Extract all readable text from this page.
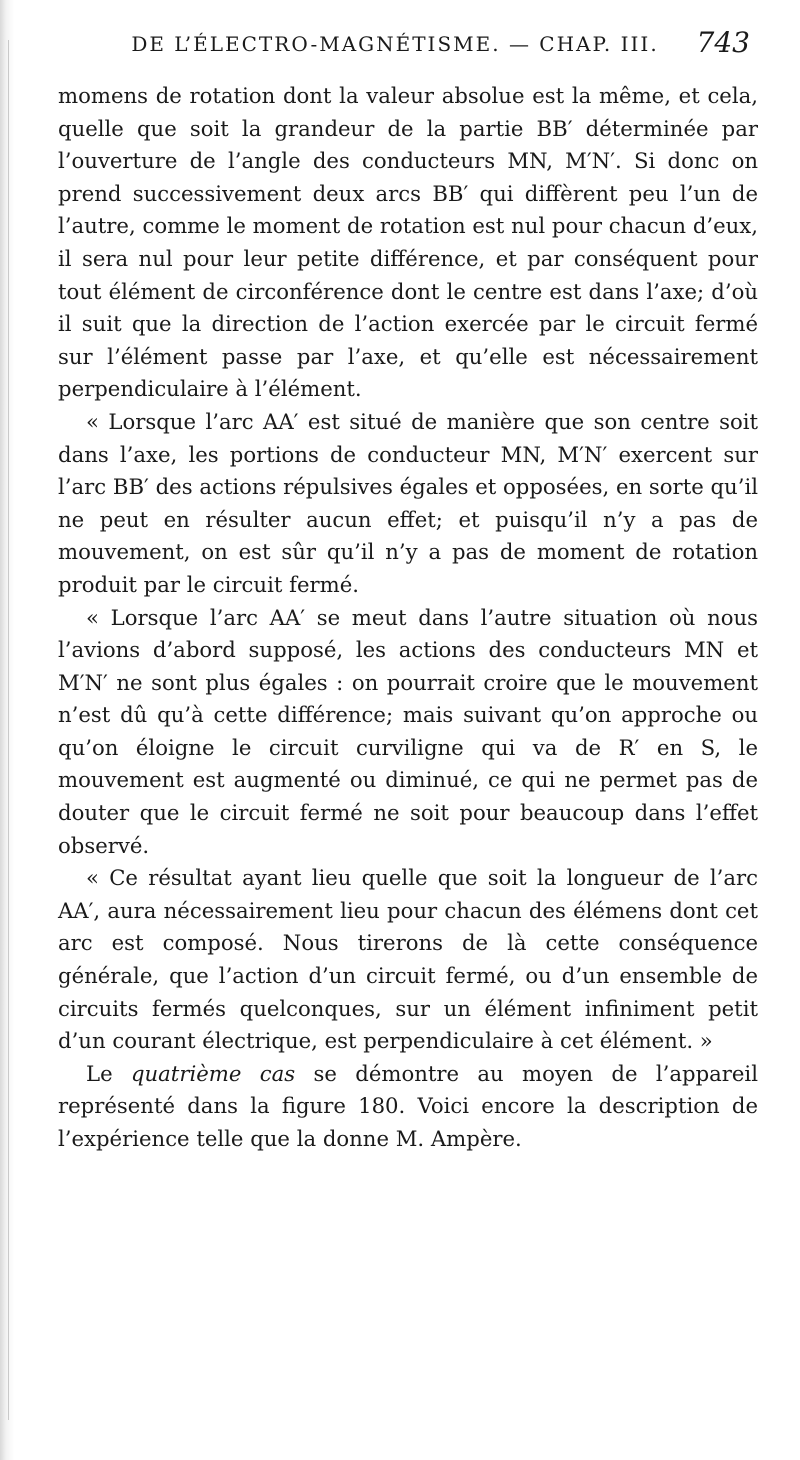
DE L’ÉLECTRO-MAGNÉTISME. — CHAP. III.	743

momens de rotation dont la valeur absolue est la même, et cela, quelle que soit la grandeur de la partie BB′ déterminée par l’ouverture de l’angle des conducteurs MN, M′N′. Si donc on prend successivement deux arcs BB′ qui diffèrent peu l’un de l’autre, comme le moment de rotation est nul pour chacun d’eux, il sera nul pour leur petite différence, et par conséquent pour tout élément de circonférence dont le centre est dans l’axe; d’où il suit que la direction de l’action exercée par le circuit fermé sur l’élément passe par l’axe, et qu’elle est nécessairement perpendiculaire à l’élément.

« Lorsque l’arc AA′ est situé de manière que son centre soit dans l’axe, les portions de conducteur MN, M′N′ exercent sur l’arc BB′ des actions répulsives égales et opposées, en sorte qu’il ne peut en résulter aucun effet; et puisqu’il n’y a pas de mouvement, on est sûr qu’il n’y a pas de moment de rotation produit par le circuit fermé.

« Lorsque l’arc AA′ se meut dans l’autre situation où nous l’avions d’abord supposé, les actions des conducteurs MN et M′N′ ne sont plus égales : on pourrait croire que le mouvement n’est dû qu’à cette différence; mais suivant qu’on approche ou qu’on éloigne le circuit curviligne qui va de R′ en S, le mouvement est augmenté ou diminué, ce qui ne permet pas de douter que le circuit fermé ne soit pour beaucoup dans l’effet observé.

« Ce résultat ayant lieu quelle que soit la longueur de l’arc AA′, aura nécessairement lieu pour chacun des élémens dont cet arc est composé. Nous tirerons de là cette conséquence générale, que l’action d’un circuit fermé, ou d’un ensemble de circuits fermés quelconques, sur un élément infiniment petit d’un courant électrique, est perpendiculaire à cet élément. »

Le quatrième cas se démontre au moyen de l’appareil représenté dans la figure 180. Voici encore la description de l’expérience telle que la donne M. Ampère.
